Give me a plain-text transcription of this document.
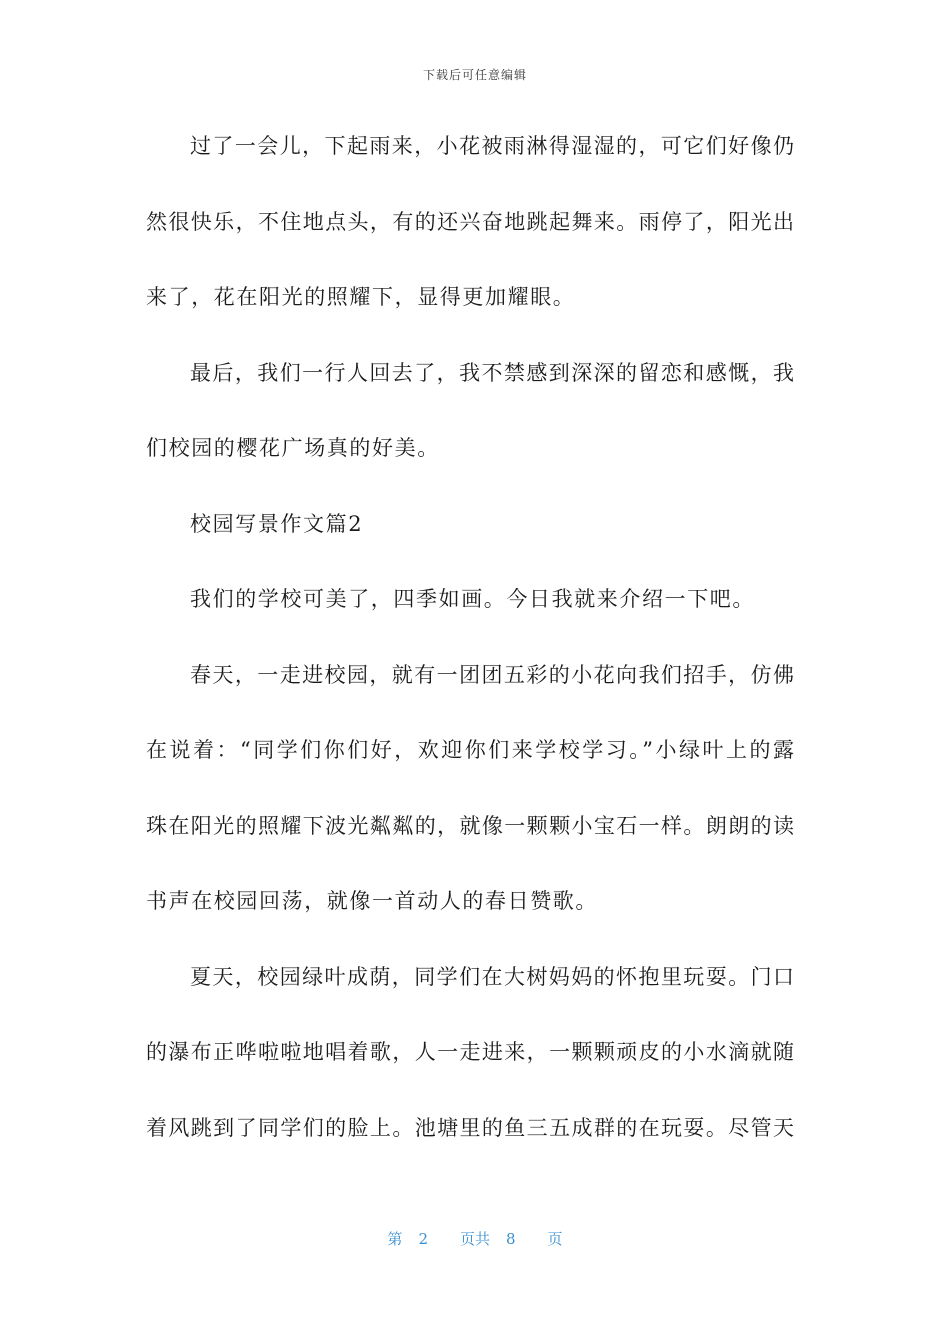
下载后可任意编辑
过了一会儿，下起雨来，小花被雨淋得湿湿的，可它们好像仍
然很快乐，不住地点头，有的还兴奋地跳起舞来。雨停了，阳光出
来了，花在阳光的照耀下，显得更加耀眼。
最后，我们一行人回去了，我不禁感到深深的留恋和感慨，我
们校园的樱花广场真的好美。
校园写景作文篇2
我们的学校可美了，四季如画。今日我就来介绍一下吧。
春天，一走进校园，就有一团团五彩的小花向我们招手，仿佛
在说着：“同学们你们好，欢迎你们来学校学习。”小绿叶上的露
珠在阳光的照耀下波光粼粼的，就像一颗颗小宝石一样。朗朗的读
书声在校园回荡，就像一首动人的春日赞歌。
夏天，校园绿叶成荫，同学们在大树妈妈的怀抱里玩耍。门口
的瀑布正哗啦啦地唱着歌，人一走进来，一颗颗顽皮的小水滴就随
着风跳到了同学们的脸上。池塘里的鱼三五成群的在玩耍。尽管天
第 2 页共 8 页
